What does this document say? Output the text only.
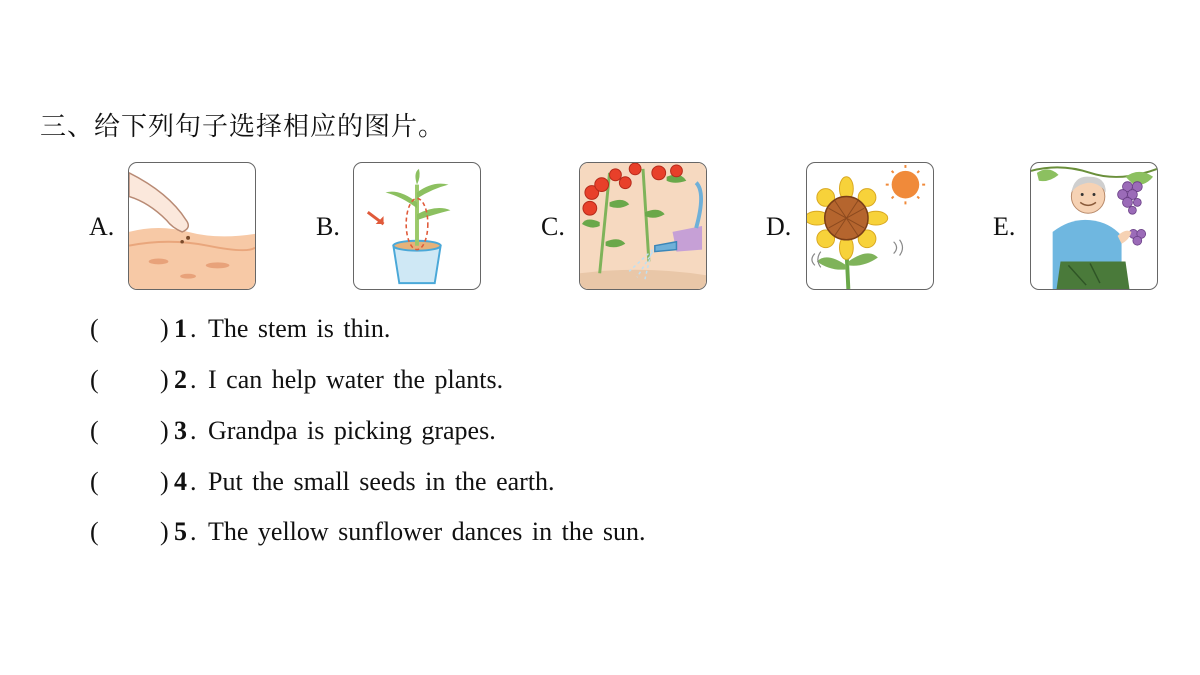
三、给下列句子选择相应的图片。
A.	B.	C.	D.	E.
( ) 1 . The stem is thin.
( ) 2 . I can help water the plants.
( ) 3 . Grandpa is picking grapes.
( ) 4 . Put the small seeds in the earth.
( ) 5 . The yellow sunflower dances in the sun.
